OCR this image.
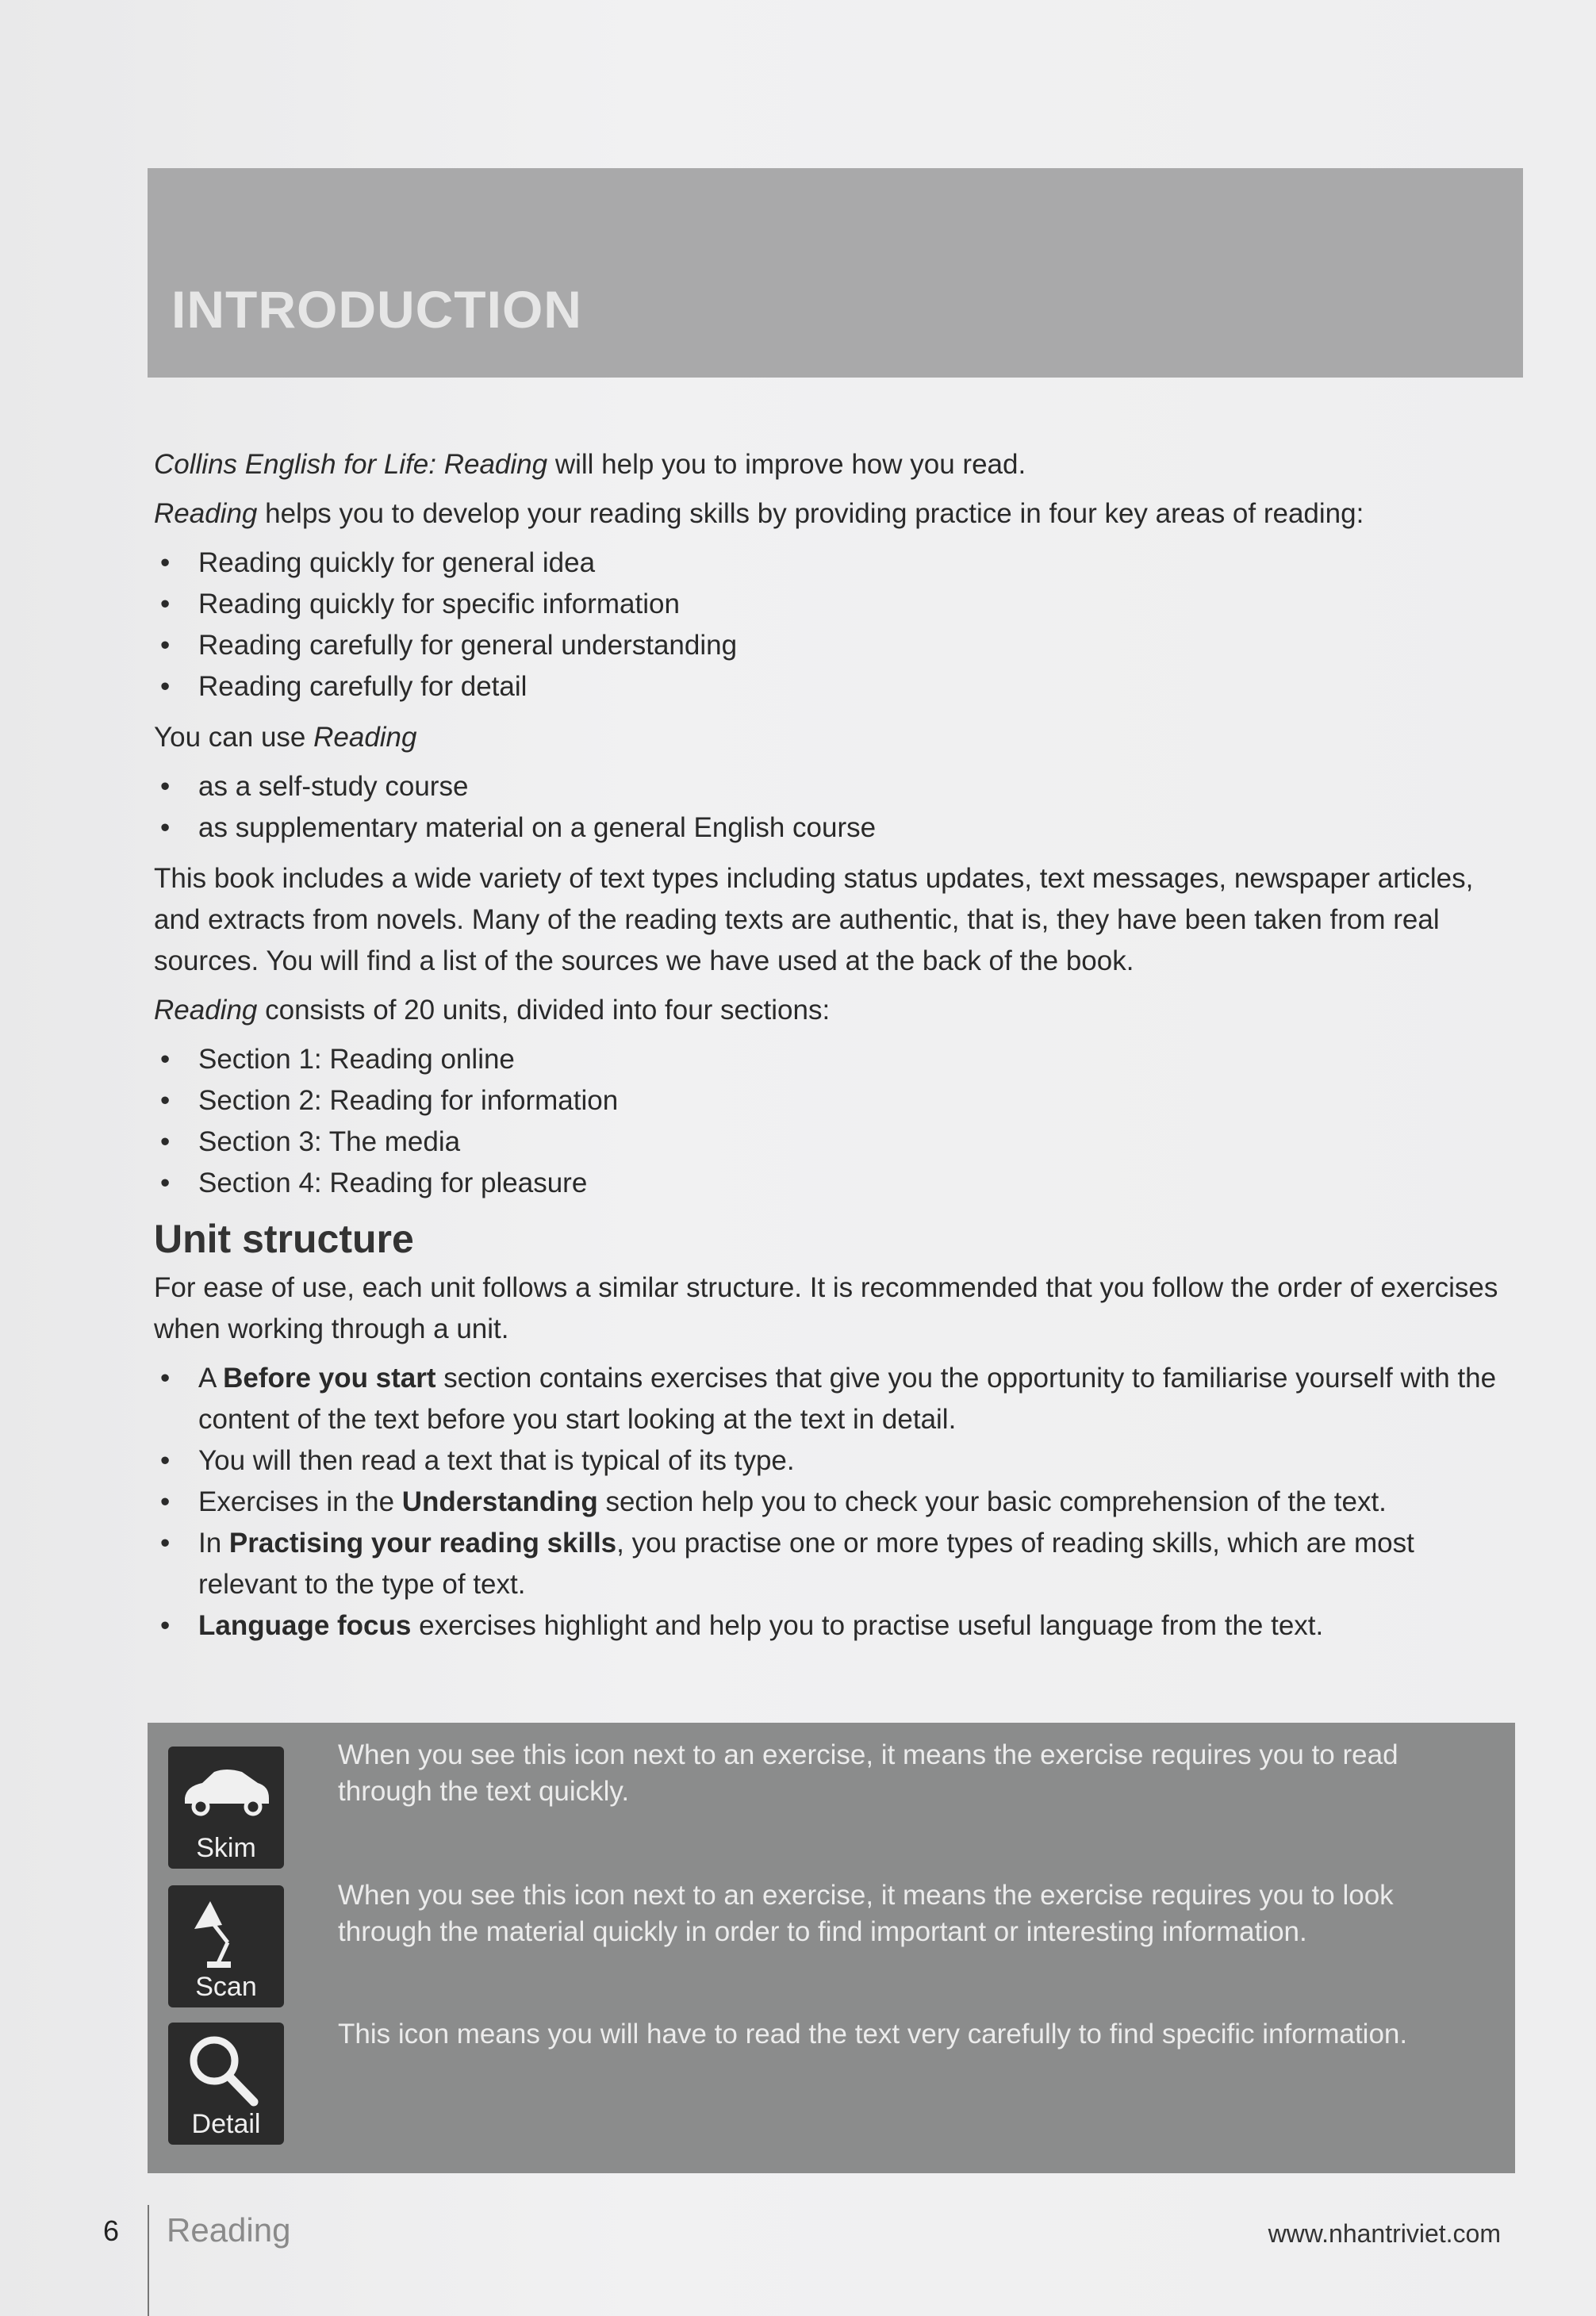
INTRODUCTION

Collins English for Life: Reading will help you to improve how you read.

Reading helps you to develop your reading skills by providing practice in four key areas of reading:

• Reading quickly for general idea
• Reading quickly for specific information
• Reading carefully for general understanding
• Reading carefully for detail

You can use Reading

• as a self-study course
• as supplementary material on a general English course

This book includes a wide variety of text types including status updates, text messages, newspaper articles, and extracts from novels. Many of the reading texts are authentic, that is, they have been taken from real sources. You will find a list of the sources we have used at the back of the book.

Reading consists of 20 units, divided into four sections:

• Section 1: Reading online
• Section 2: Reading for information
• Section 3: The media
• Section 4: Reading for pleasure
Unit structure

For ease of use, each unit follows a similar structure. It is recommended that you follow the order of exercises when working through a unit.

• A Before you start section contains exercises that give you the opportunity to familiarise yourself with the content of the text before you start looking at the text in detail.
• You will then read a text that is typical of its type.
• Exercises in the Understanding section help you to check your basic comprehension of the text.
• In Practising your reading skills, you practise one or more types of reading skills, which are most relevant to the type of text.
• Language focus exercises highlight and help you to practise useful language from the text.
Skim
When you see this icon next to an exercise, it means the exercise requires you to read through the text quickly.
Scan
When you see this icon next to an exercise, it means the exercise requires you to look through the material quickly in order to find important or interesting information.
Detail
This icon means you will have to read the text very carefully to find specific information.
6 Reading	www.nhantriviet.com
